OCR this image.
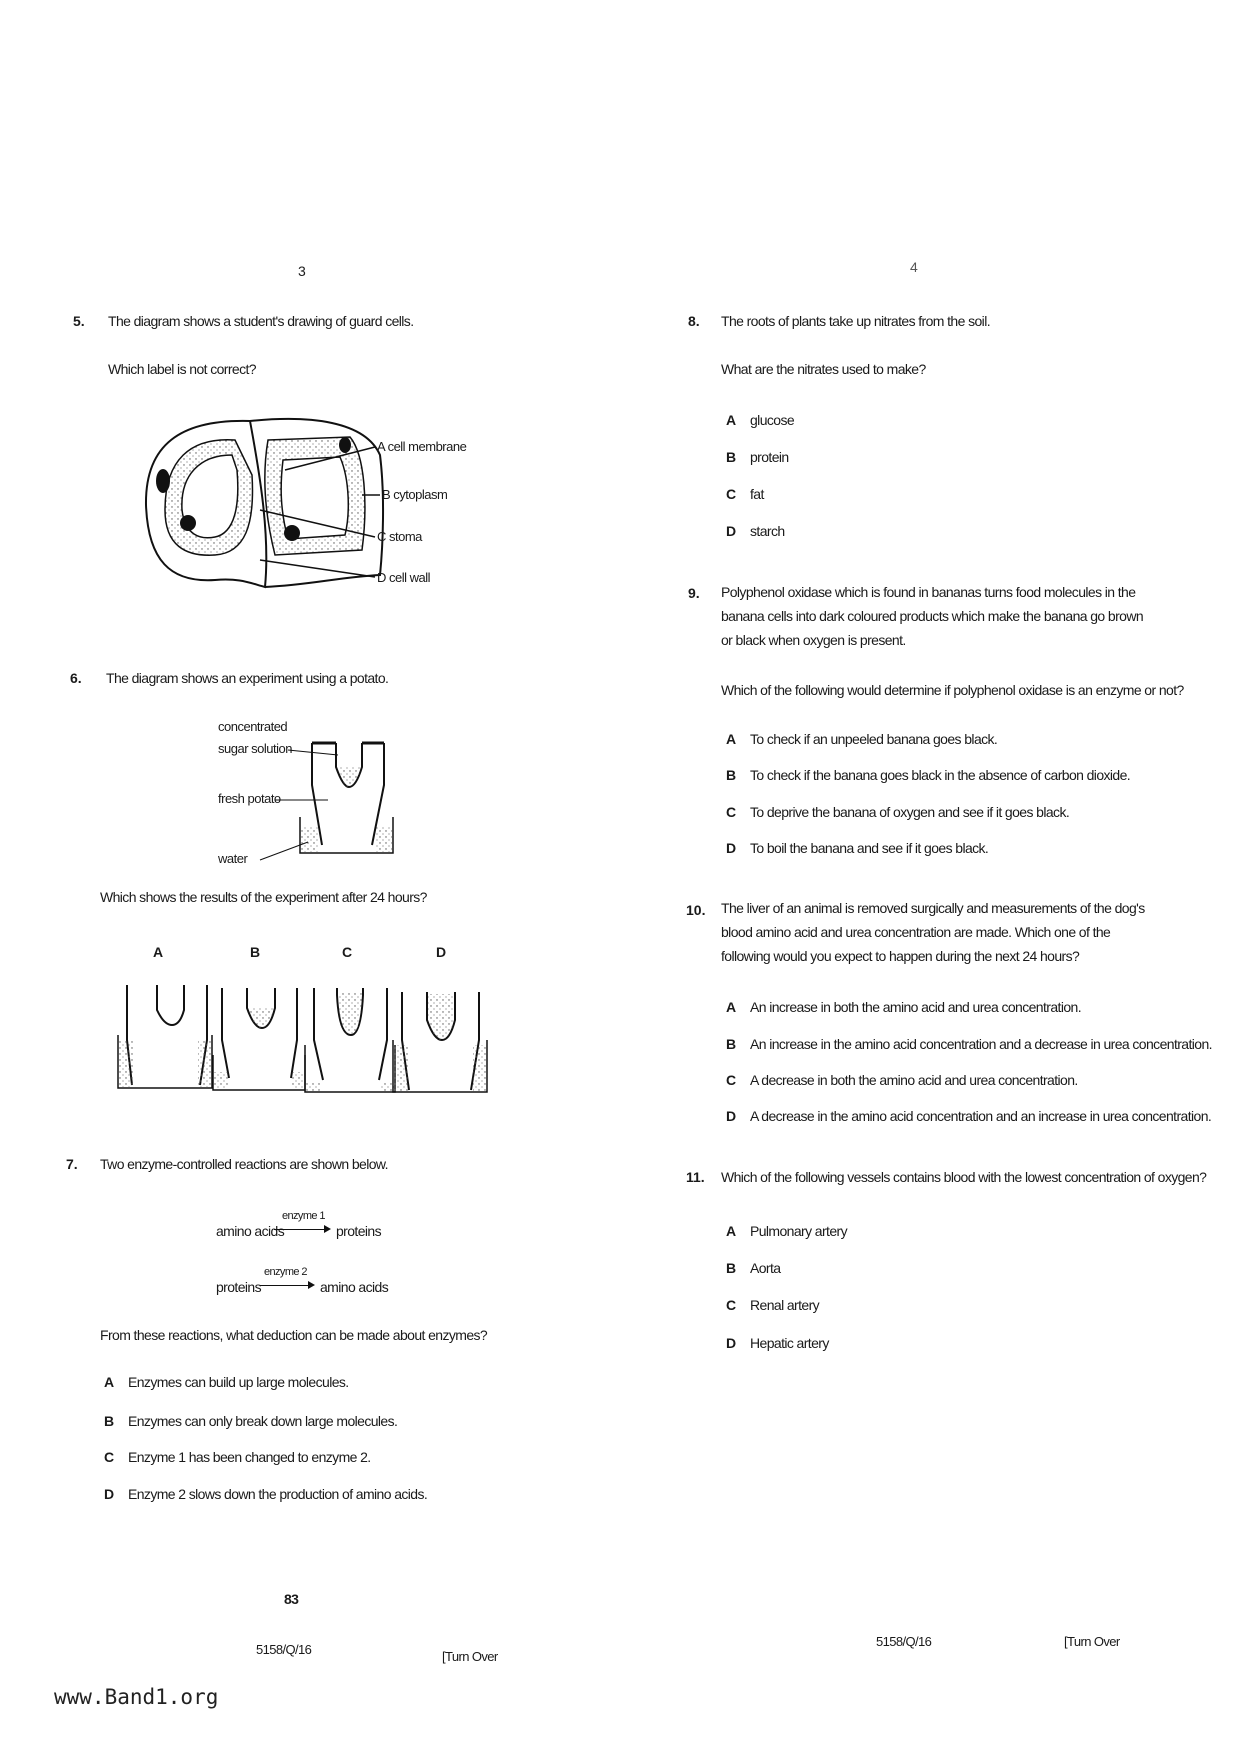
3
5. The diagram shows a student's drawing of guard cells.
Which label is not correct?
A cell membrane
B cytoplasm
C stoma
D cell wall
6. The diagram shows an experiment using a potato.
concentrated
sugar solution
fresh potato
water
Which shows the results of the experiment after 24 hours?
A	B	C	D
7. Two enzyme-controlled reactions are shown below.
amino acids
enzyme 1
proteins
proteins
enzyme 2
amino acids
From these reactions, what deduction can be made about enzymes?
A Enzymes can build up large molecules.
B Enzymes can only break down large molecules.
C Enzyme 1 has been changed to enzyme 2.
D Enzyme 2 slows down the production of amino acids.
83
5158/Q/16	[Turn Over
4
8. The roots of plants take up nitrates from the soil.
What are the nitrates used to make?
A glucose
B protein
C fat
D starch
9. Polyphenol oxidase which is found in bananas turns food molecules in the banana cells into dark coloured products which make the banana go brown or black when oxygen is present.
Which of the following would determine if polyphenol oxidase is an enzyme or not?
A To check if an unpeeled banana goes black.
B To check if the banana goes black in the absence of carbon dioxide.
C To deprive the banana of oxygen and see if it goes black.
D To boil the banana and see if it goes black.
10. The liver of an animal is removed surgically and measurements of the dog's blood amino acid and urea concentration are made. Which one of the following would you expect to happen during the next 24 hours?
A An increase in both the amino acid and urea concentration.
B An increase in the amino acid concentration and a decrease in urea concentration.
C A decrease in both the amino acid and urea concentration.
D A decrease in the amino acid concentration and an increase in urea concentration.
11. Which of the following vessels contains blood with the lowest concentration of oxygen?
A Pulmonary artery
B Aorta
C Renal artery
D Hepatic artery
5158/Q/16	[Turn Over
www.Band1.org
